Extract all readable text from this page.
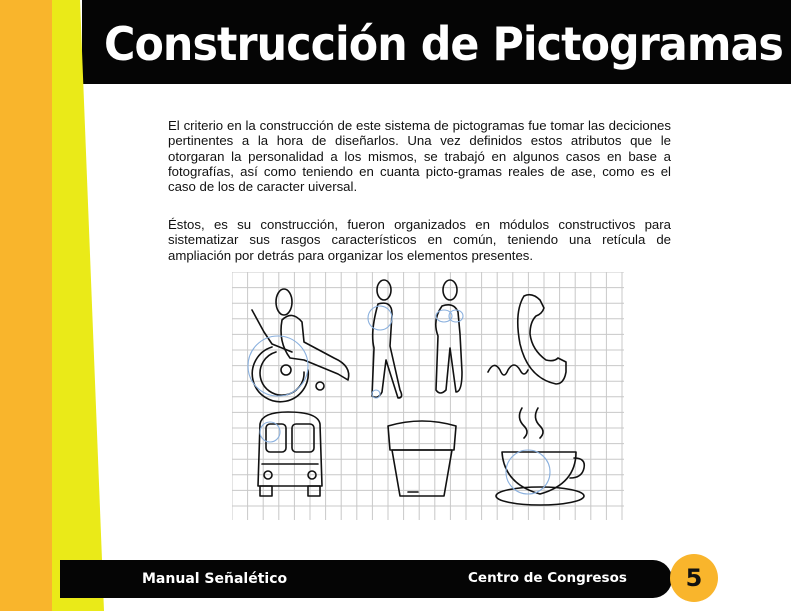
Construcción de Pictogramas

El criterio en la construcción de este sistema de pictogramas fue tomar las deciciones pertinentes a la hora de diseñarlos. Una vez definidos estos atributos que le otorgaran la personalidad a los mismos, se trabajó en algunos casos en base a fotografías, así como teniendo en cuanta picto-gramas reales de ase, como es el caso de los de caracter uiversal.

Éstos, es su construcción, fueron organizados en módulos constructivos para sistematizar sus rasgos característicos en común, teniendo una retícula de ampliación por detrás para organizar los elementos presentes.

Manual Señalético	Centro de Congresos 5
